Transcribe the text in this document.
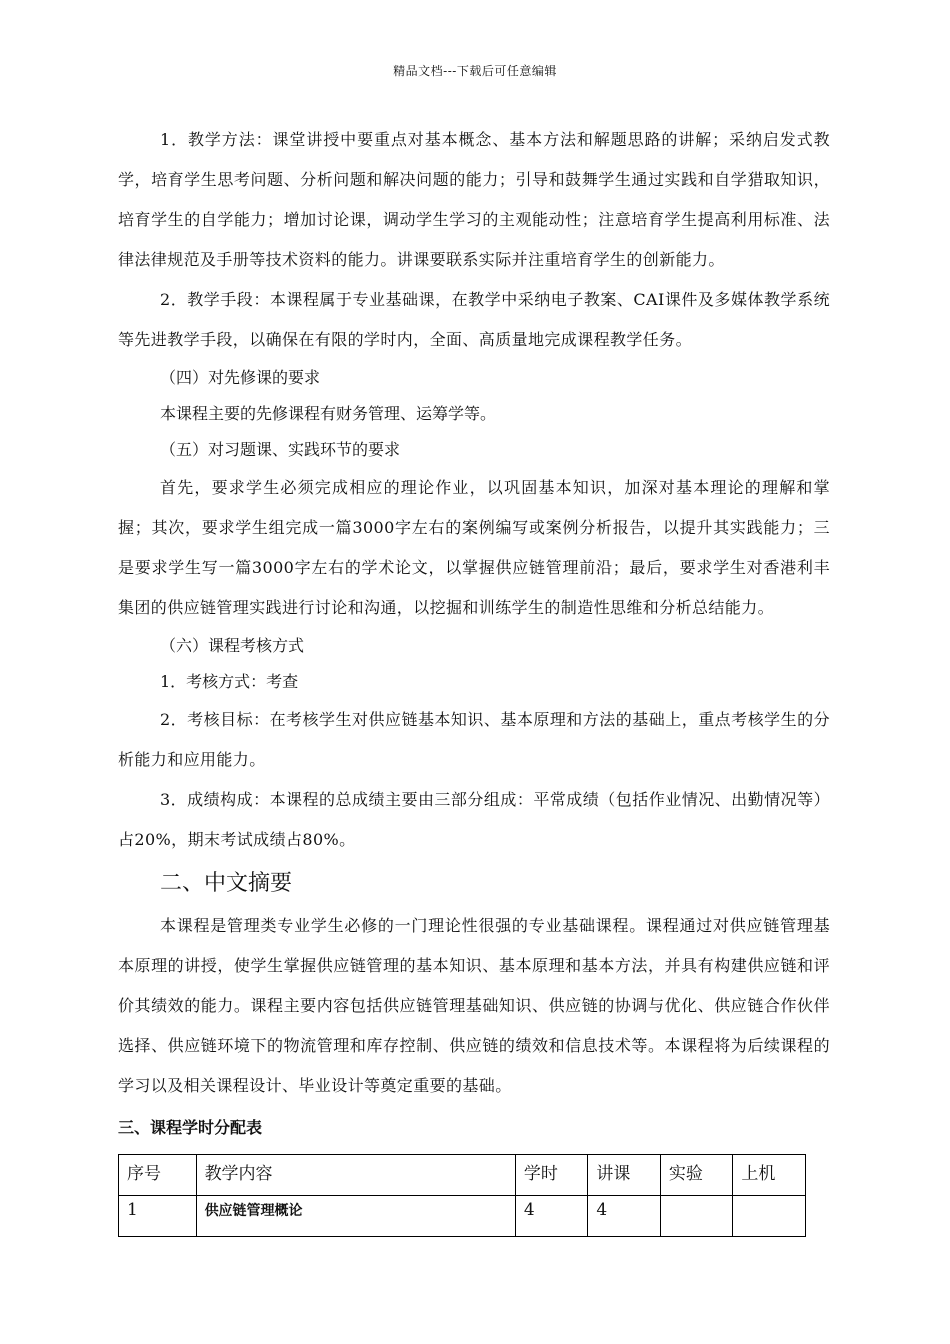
精品文档---下载后可任意编辑

1．教学方法：课堂讲授中要重点对基本概念、基本方法和解题思路的讲解；采纳启发式教学，培育学生思考问题、分析问题和解决问题的能力；引导和鼓舞学生通过实践和自学猎取知识，培育学生的自学能力；增加讨论课，调动学生学习的主观能动性；注意培育学生提高利用标准、法律法律规范及手册等技术资料的能力。讲课要联系实际并注重培育学生的创新能力。

2．教学手段：本课程属于专业基础课，在教学中采纳电子教案、CAI课件及多媒体教学系统等先进教学手段，以确保在有限的学时内，全面、高质量地完成课程教学任务。

（四）对先修课的要求

本课程主要的先修课程有财务管理、运筹学等。

（五）对习题课、实践环节的要求

首先，要求学生必须完成相应的理论作业，以巩固基本知识，加深对基本理论的理解和掌握；其次，要求学生组完成一篇3000字左右的案例编写或案例分析报告，以提升其实践能力；三是要求学生写一篇3000字左右的学术论文，以掌握供应链管理前沿；最后，要求学生对香港利丰集团的供应链管理实践进行讨论和沟通，以挖掘和训练学生的制造性思维和分析总结能力。

（六）课程考核方式

1．考核方式：考查

2．考核目标：在考核学生对供应链基本知识、基本原理和方法的基础上，重点考核学生的分析能力和应用能力。

3．成绩构成：本课程的总成绩主要由三部分组成：平常成绩（包括作业情况、出勤情况等）占20%，期末考试成绩占80%。

二、中文摘要

本课程是管理类专业学生必修的一门理论性很强的专业基础课程。课程通过对供应链管理基本原理的讲授，使学生掌握供应链管理的基本知识、基本原理和基本方法，并具有构建供应链和评价其绩效的能力。课程主要内容包括供应链管理基础知识、供应链的协调与优化、供应链合作伙伴选择、供应链环境下的物流管理和库存控制、供应链的绩效和信息技术等。本课程将为后续课程的学习以及相关课程设计、毕业设计等奠定重要的基础。

三、课程学时分配表
序号	教学内容	学时	讲课	实验	上机
1	供应链管理概论	4	4		
